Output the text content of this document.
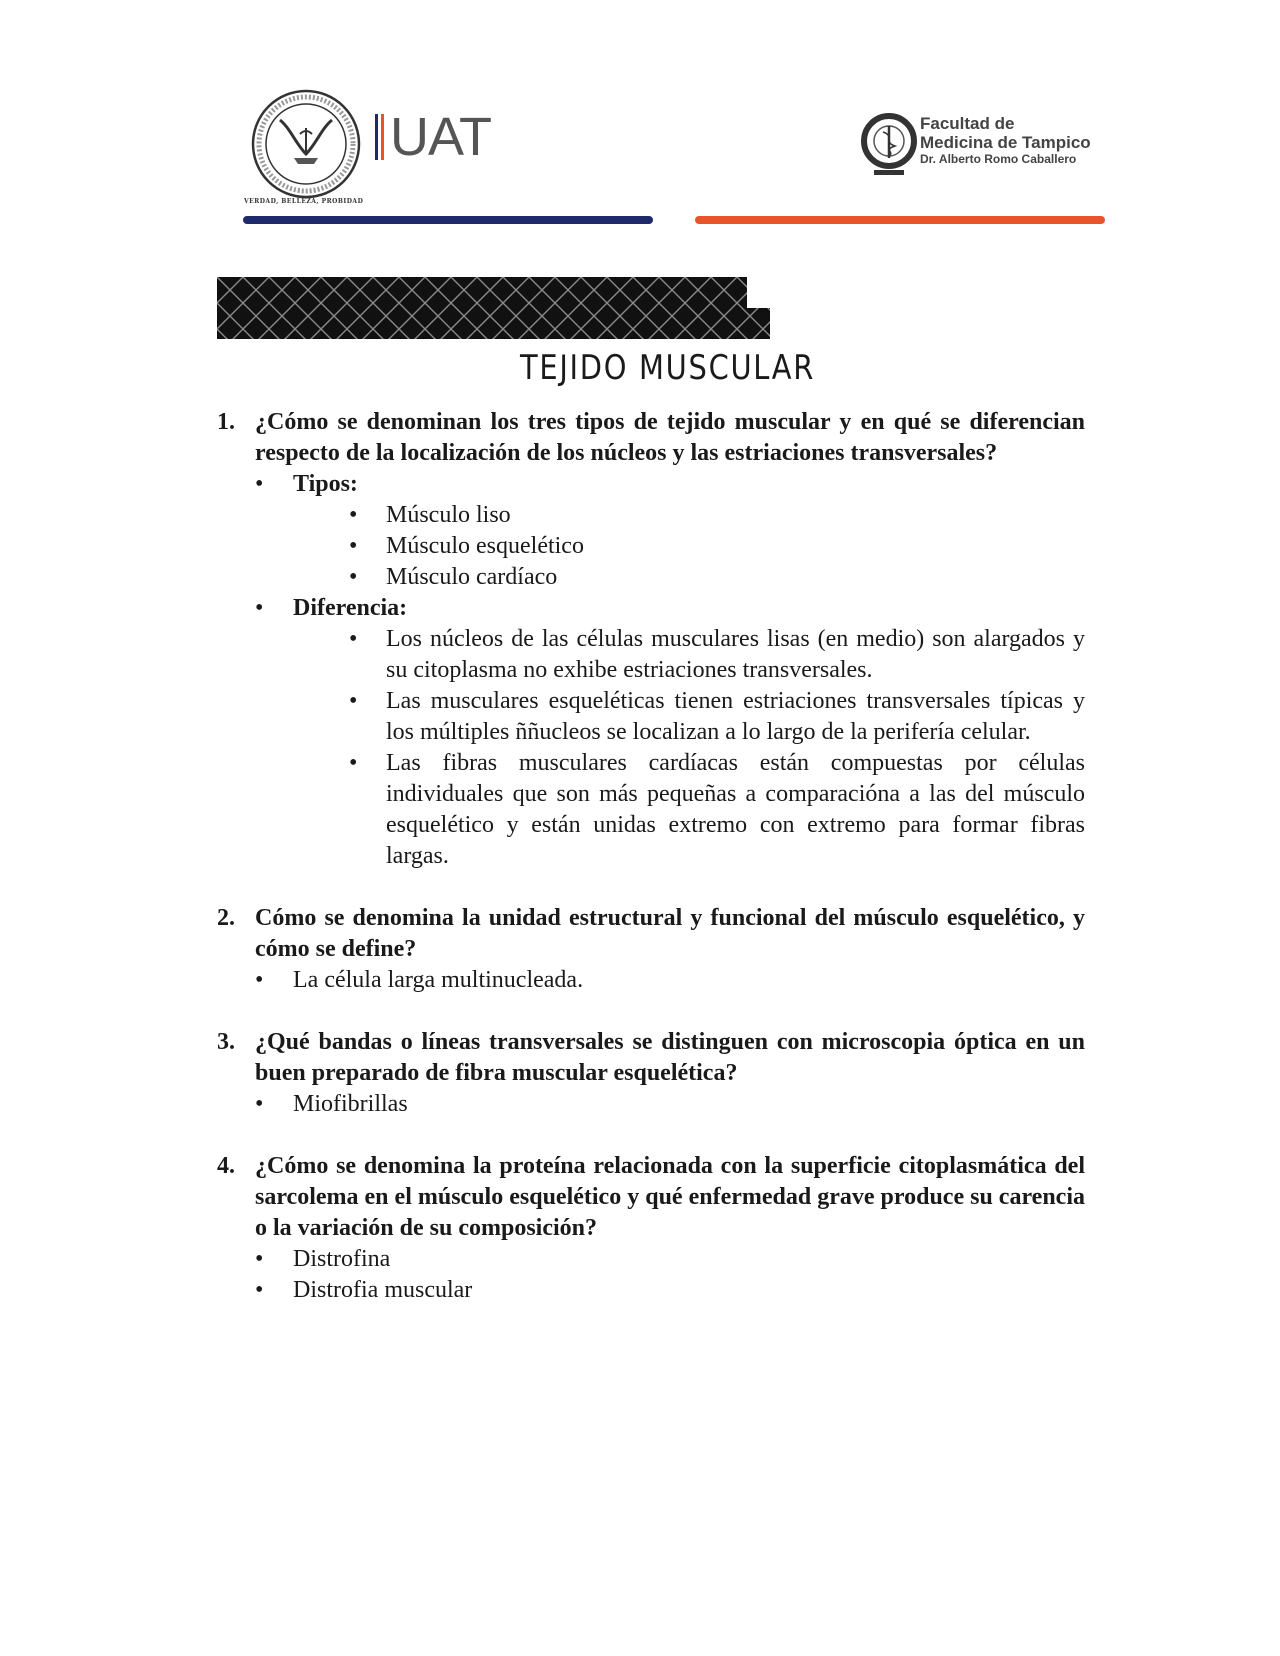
UAT
VERDAD, BELLEZA, PROBIDAD
Facultad de
Medicina de Tampico
Dr. Alberto Romo Caballero
TEJIDO MUSCULAR
1. ¿Cómo se denominan los tres tipos de tejido muscular y en qué se diferencian respecto de la localización de los núcleos y las estriaciones transversales?
• Tipos:
• Músculo liso
• Músculo esquelético
• Músculo cardíaco
• Diferencia:
• Los núcleos de las células musculares lisas (en medio) son alargados y su citoplasma no exhibe estriaciones transversales.
• Las musculares esqueléticas tienen estriaciones transversales típicas y los múltiples ññucleos se localizan a lo largo de la perifería celular.
• Las fibras musculares cardíacas están compuestas por células individuales que son más pequeñas a comparacióna a las del músculo esquelético y están unidas extremo con extremo para formar fibras largas.
2. Cómo se denomina la unidad estructural y funcional del músculo esquelético, y cómo se define?
• La célula larga multinucleada.
3. ¿Qué bandas o líneas transversales se distinguen con microscopia óptica en un buen preparado de fibra muscular esquelética?
• Miofibrillas
4. ¿Cómo se denomina la proteína relacionada con la superficie citoplasmática del sarcolema en el músculo esquelético y qué enfermedad grave produce su carencia o la variación de su composición?
• Distrofina
• Distrofia muscular
